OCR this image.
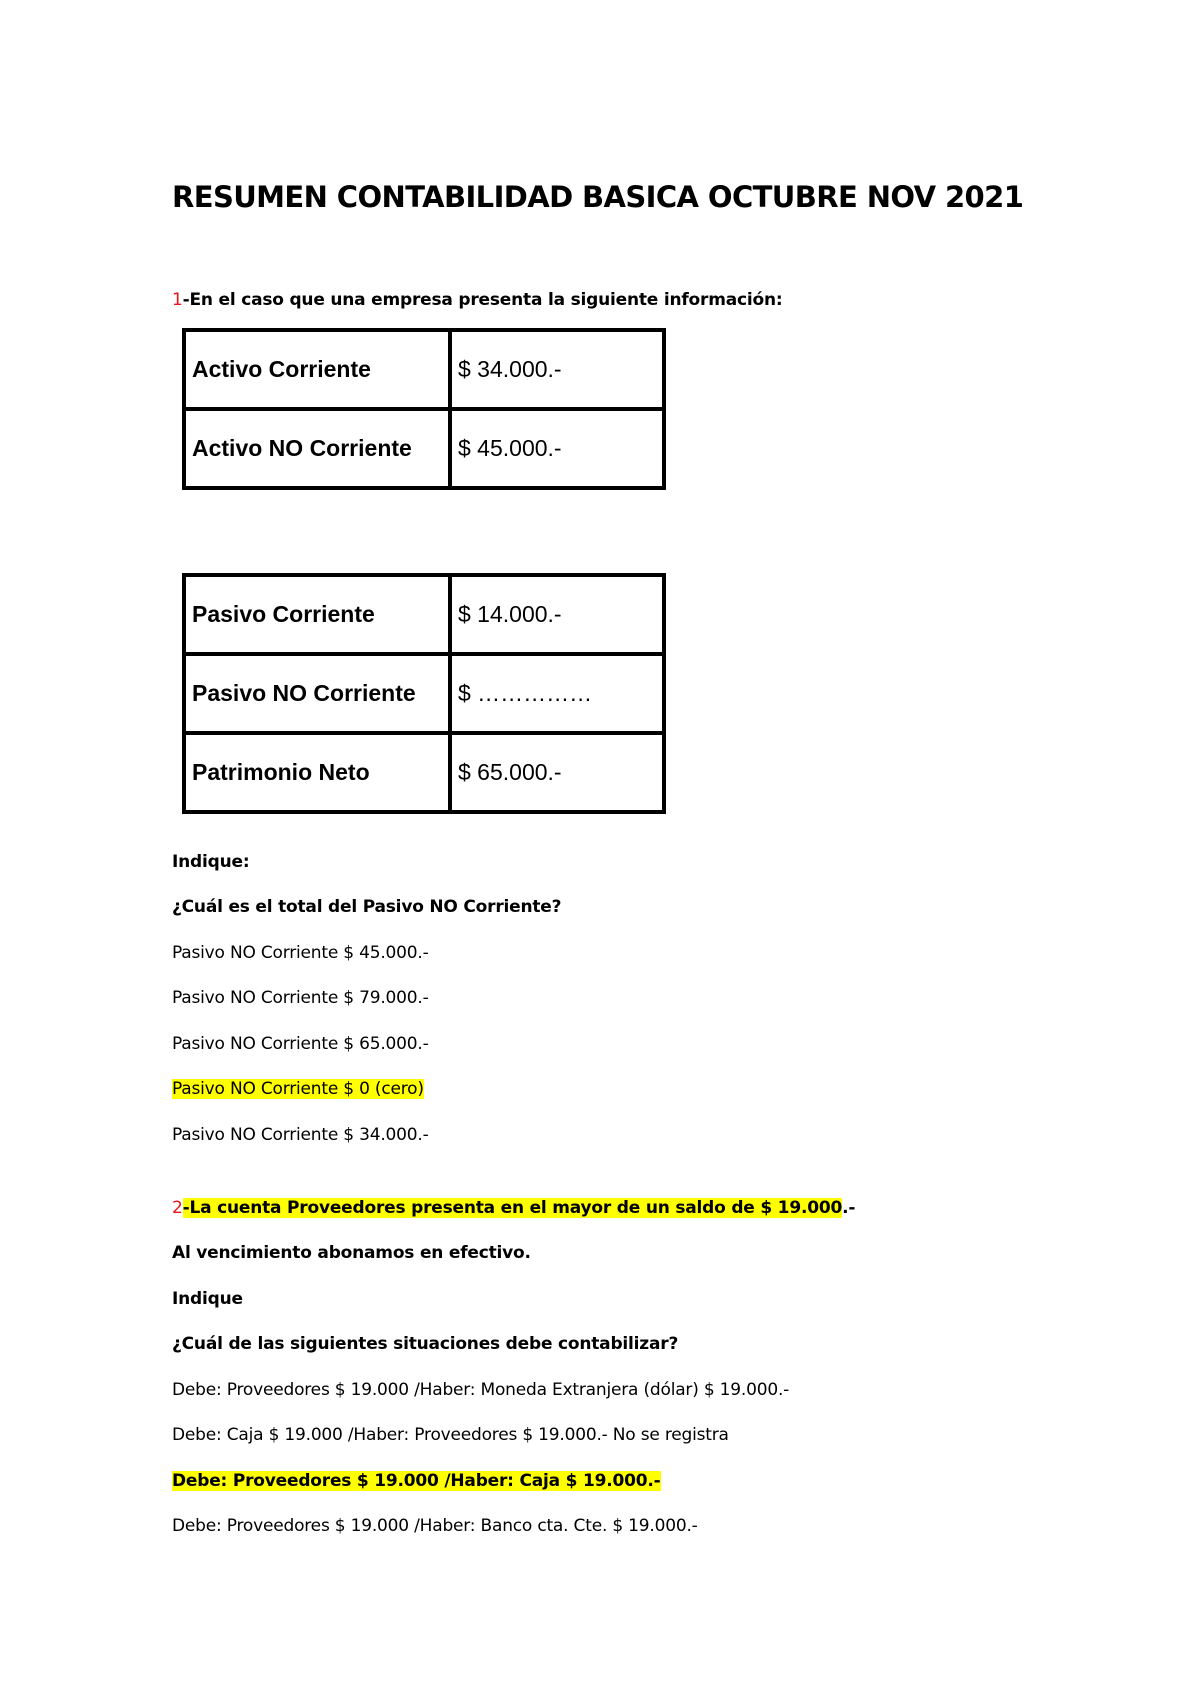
RESUMEN CONTABILIDAD BASICA OCTUBRE NOV 2021
1-En el caso que una empresa presenta la siguiente información:
Activo Corriente	$ 34.000.-
Activo NO Corriente	$ 45.000.-
Pasivo Corriente	$ 14.000.-
Pasivo NO Corriente	$ ……………
Patrimonio Neto	$ 65.000.-
Indique:
¿Cuál es el total del Pasivo NO Corriente?
Pasivo NO Corriente $ 45.000.-
Pasivo NO Corriente $ 79.000.-
Pasivo NO Corriente $ 65.000.-
Pasivo NO Corriente $ 0 (cero)
Pasivo NO Corriente $ 34.000.-
2-La cuenta Proveedores presenta en el mayor de un saldo de $ 19.000.-
Al vencimiento abonamos en efectivo.
Indique
¿Cuál de las siguientes situaciones debe contabilizar?
Debe: Proveedores $ 19.000 /Haber: Moneda Extranjera (dólar) $ 19.000.-
Debe: Caja $ 19.000 /Haber: Proveedores $ 19.000.- No se registra
Debe: Proveedores $ 19.000 /Haber: Caja $ 19.000.-
Debe: Proveedores $ 19.000 /Haber: Banco cta. Cte. $ 19.000.-
